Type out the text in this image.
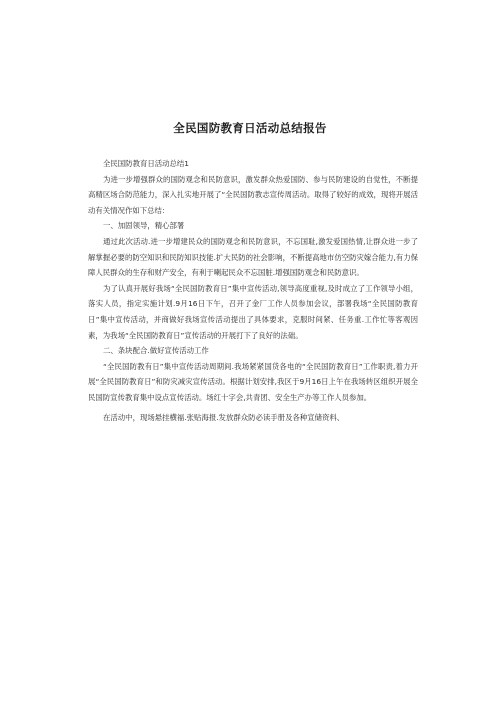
全民国防教育日活动总结报告

全民国防教育日活动总结1

为进一步增强群众的国防观念和民防意识，激发群众热爱国防、参与民防建设的自觉性，不断提高精区场合防范能力，深入扎实地开展了“全民国防教志宣传周活动。取得了较好的成效，现将开展活动有关情况作如下总结：

一、加固领导，精心部署

通过此次活动.进一步增建民众的国防观念和民防意识，不忘国耻,激发爱国热情,让群众进一步了解掌握必要的防空知识和民防知识技能.扩大民防的社会影响，不断提高地市仿空防灾嫁合能力,有力保障人民群众的生存和财产安全，有利于喇起民众不忘国脏.增强国防观念和民防意识。

为了认真开展好我场“全民国防教育日”集中宣传活动,领导高度重视,及时成立了工作领导小组，落实人员，指定实施计划.9月16日下午，召开了金厂工作人员参加会议，部署我场“全民国防教育日”集中宣传活动，并商做好我场宣传活动提出了具体要求，克服时间紧、任务重.工作忙等客观因素，为我场“全民国防教育日”宣传活动的开展打下了良好的法础。

二、条块配合.做好宣传活动工作

“全民国防教有日”集中宣传活动周期间.我场紧紧国货各电的“全民国防教育日”工作职责,着力开展“全民国防教育日”和防灾减灾宣传活动。根据计划安排,我区于9月16日上午在我场转区组织开展全民国防宣传教育集中设点宣传活动。场红十字会,共青团、安全生产办等工作人员参加。

在活动中，现场悬挂横福.张贴海报.发放群众防必读手册及各种宣储资料、
